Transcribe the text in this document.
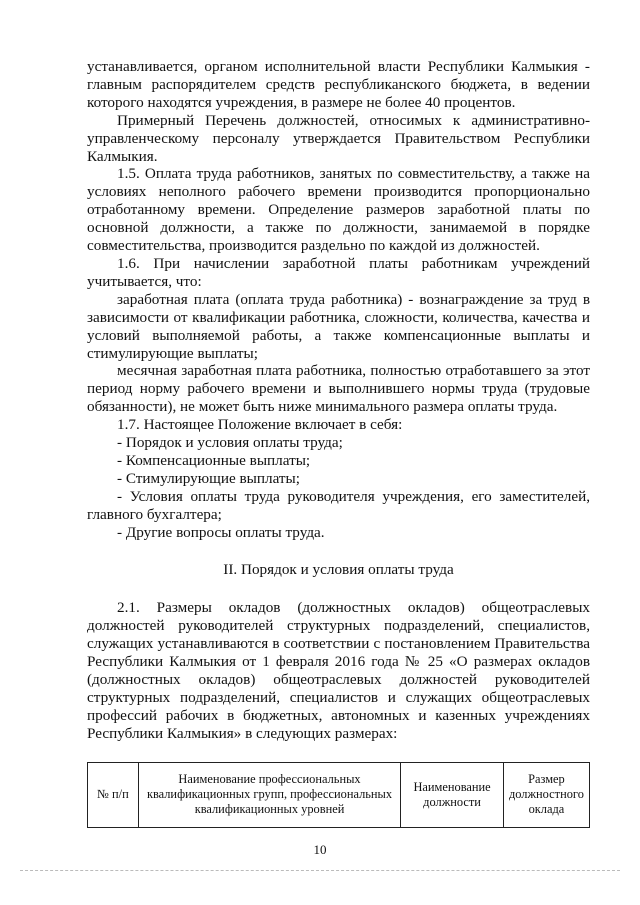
устанавливается, органом исполнительной власти Республики Калмыкия - главным распорядителем средств республиканского бюджета, в ведении которого находятся учреждения, в размере не более 40 процентов.

Примерный Перечень должностей, относимых к административно-управленческому персоналу утверждается Правительством Республики Калмыкия.

1.5. Оплата труда работников, занятых по совместительству, а также на условиях неполного рабочего времени производится пропорционально отработанному времени. Определение размеров заработной платы по основной должности, а также по должности, занимаемой в порядке совместительства, производится раздельно по каждой из должностей.

1.6. При начислении заработной платы работникам учреждений учитывается, что:

заработная плата (оплата труда работника) - вознаграждение за труд в зависимости от квалификации работника, сложности, количества, качества и условий выполняемой работы, а также компенсационные выплаты и стимулирующие выплаты;

месячная заработная плата работника, полностью отработавшего за этот период норму рабочего времени и выполнившего нормы труда (трудовые обязанности), не может быть ниже минимального размера оплаты труда.

1.7. Настоящее Положение включает в себя:

- Порядок и условия оплаты труда;

- Компенсационные выплаты;

- Стимулирующие выплаты;

- Условия оплаты труда руководителя учреждения, его заместителей, главного бухгалтера;

- Другие вопросы оплаты труда.

II. Порядок и условия оплаты труда

2.1. Размеры окладов (должностных окладов) общеотраслевых должностей руководителей структурных подразделений, специалистов, служащих устанавливаются в соответствии с постановлением Правительства Республики Калмыкия от 1 февраля 2016 года № 25 «О размерах окладов (должностных окладов) общеотраслевых должностей руководителей структурных подразделений, специалистов и служащих общеотраслевых профессий рабочих в бюджетных, автономных и казенных учреждениях Республики Калмыкия» в следующих размерах:

№ п/п	Наименование профессиональных квалификационных групп, профессиональных квалификационных уровней	Наименование должности	Размер должностного оклада
10
